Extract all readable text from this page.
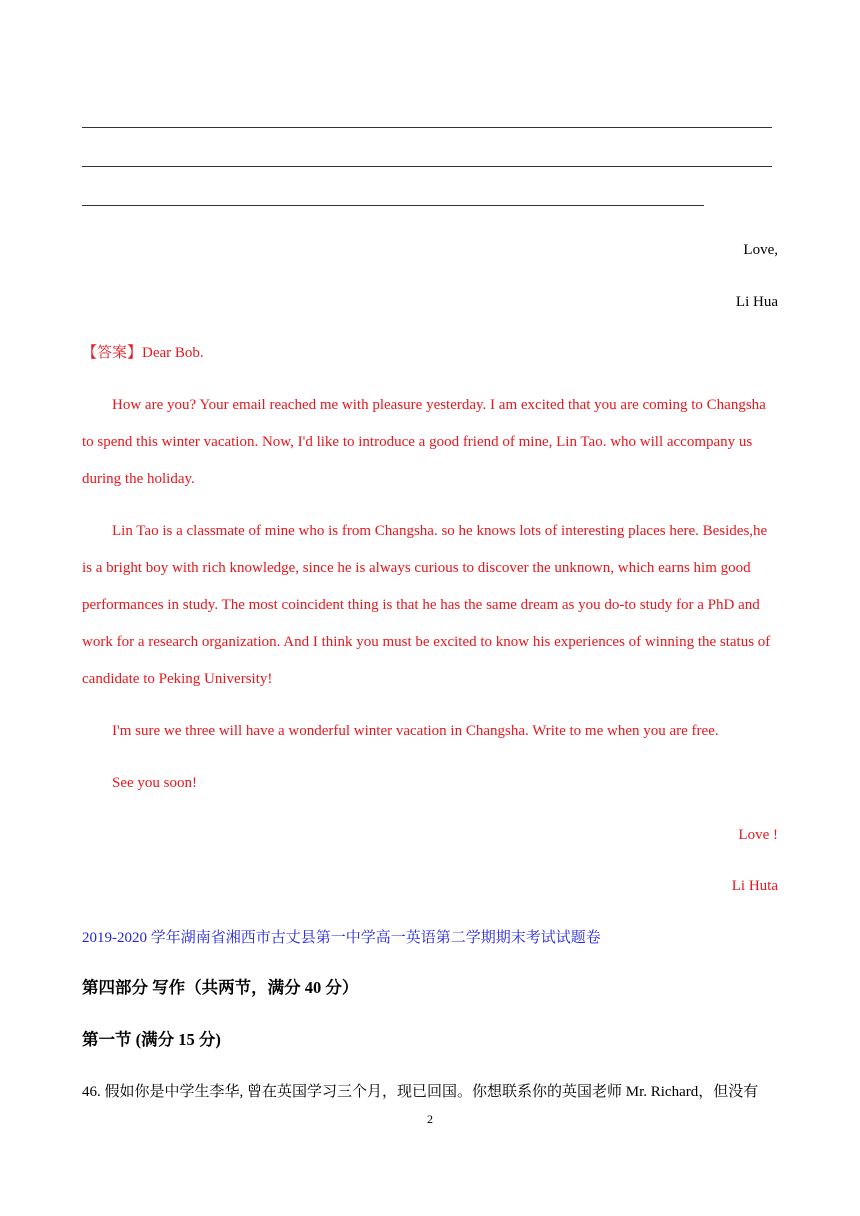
Love,
Li Hua
【答案】Dear Bob.
How are you? Your email reached me with pleasure yesterday. I am excited that you are coming to Changsha
to spend this winter vacation. Now, I'd like to introduce a good friend of mine, Lin Tao. who will accompany us
during the holiday.
Lin Tao is a classmate of mine who is from Changsha. so he knows lots of interesting places here. Besides,he
is a bright boy with rich knowledge, since he is always curious to discover the unknown, which earns him good
performances in study. The most coincident thing is that he has the same dream as you do-to study for a PhD and
work for a research organization. And I think you must be excited to know his experiences of winning the status of
candidate to Peking University!
I'm sure we three will have a wonderful winter vacation in Changsha. Write to me when you are free.
See you soon!
Love !
Li Huta
2019-2020 学年湖南省湘西市古丈县第一中学高一英语第二学期期末考试试题卷
第四部分 写作（共两节，满分 40 分）
第一节 (满分 15 分)
46. 假如你是中学生李华, 曾在英国学习三个月，现已回国。你想联系你的英国老师 Mr. Richard，但没有
2
